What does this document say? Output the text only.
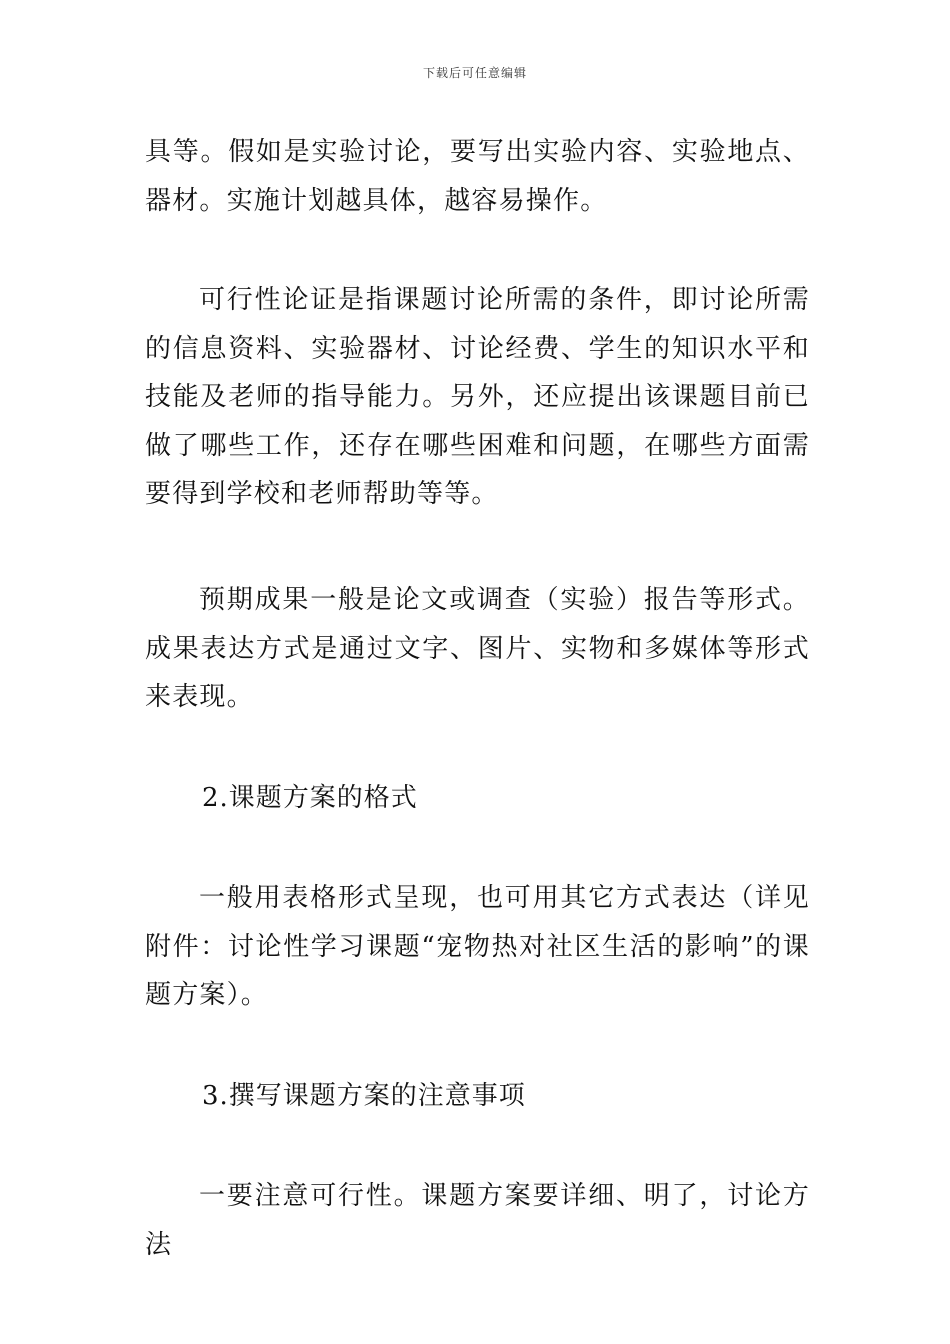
下载后可任意编辑

具等。假如是实验讨论，要写出实验内容、实验地点、器材。实施计划越具体，越容易操作。

可行性论证是指课题讨论所需的条件，即讨论所需的信息资料、实验器材、讨论经费、学生的知识水平和技能及老师的指导能力。另外，还应提出该课题目前已做了哪些工作，还存在哪些困难和问题，在哪些方面需要得到学校和老师帮助等等。

预期成果一般是论文或调查（实验）报告等形式。成果表达方式是通过文字、图片、实物和多媒体等形式来表现。

2.课题方案的格式

一般用表格形式呈现，也可用其它方式表达（详见附件：讨论性学习课题“宠物热对社区生活的影响”的课题方案）。

3.撰写课题方案的注意事项

一要注意可行性。课题方案要详细、明了，讨论方法
